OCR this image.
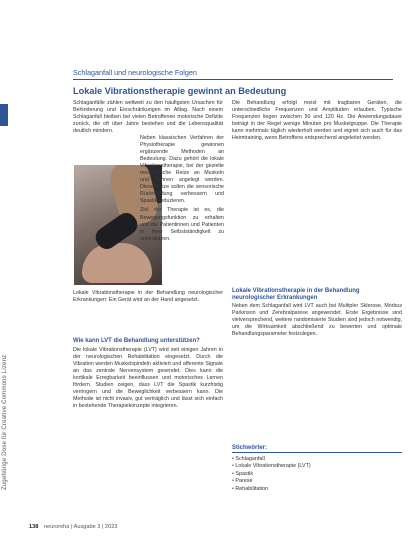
Zugehörige Dose für Creative Commons Lizenz
Schlaganfall und neurologische Folgen
Lokale Vibrationstherapie gewinnt an Bedeutung

Schlaganfälle zählen weltweit zu den häufigsten Ursachen für Behinderung und Einschränkungen im Alltag. Nach einem Schlaganfall bleiben bei vielen Betroffenen motorische Defizite zurück, die oft über Jahre bestehen und die Lebensqualität deutlich mindern.

Neben klassischen Verfahren der Physiotherapie gewinnen ergänzende Methoden an Bedeutung. Dazu gehört die lokale Vibrationstherapie, bei der gezielte mechanische Reize an Muskeln und Sehnen angelegt werden. Diese Reize sollen die sensorische Rückmeldung verbessern und Spastik reduzieren.

Ziel der Therapie ist es, die Bewegungsfunktion zu erhalten und die Patientinnen und Patienten in ihrer Selbstständigkeit zu unterstützen.

Lokale Vibrationstherapie in der Behandlung neurologischer Erkrankungen: Ein Gerät wird an der Hand angesetzt.
Wie kann LVT die Behandlung unterstützen?

Die lokale Vibrationstherapie (LVT) wird seit einigen Jahren in der neurologischen Rehabilitation eingesetzt. Durch die Vibration werden Muskelspindeln aktiviert und afferente Signale an das zentrale Nervensystem gesendet. Dies kann die kortikale Erregbarkeit beeinflussen und motorisches Lernen fördern. Studien zeigen, dass LVT die Spastik kurzfristig verringern und die Beweglichkeit verbessern kann. Die Methode ist nicht invasiv, gut verträglich und lässt sich einfach in bestehende Therapiekonzepte integrieren.

Die Behandlung erfolgt meist mit tragbaren Geräten, die unterschiedliche Frequenzen und Amplituden erlauben. Typische Frequenzen liegen zwischen 50 und 120 Hz. Die Anwendungsdauer beträgt in der Regel wenige Minuten pro Muskelgruppe. Die Therapie kann mehrmals täglich wiederholt werden und eignet sich auch für das Heimtraining, wenn Betroffene entsprechend angeleitet werden.

Lokale Vibrationstherapie in der Behandlung neurologischer Erkrankungen

Neben dem Schlaganfall wird LVT auch bei Multipler Sklerose, Morbus Parkinson und Zerebralparese angewendet. Erste Ergebnisse sind vielversprechend, weitere randomisierte Studien sind jedoch notwendig, um die Wirksamkeit abschließend zu bewerten und optimale Behandlungsparameter festzulegen.

Stichwörter:
• Schlaganfall
• Lokale Vibrationstherapie (LVT)
• Spastik
• Parese
• Rehabilitation
138 neuroreha | Ausgabe 3 | 2023
